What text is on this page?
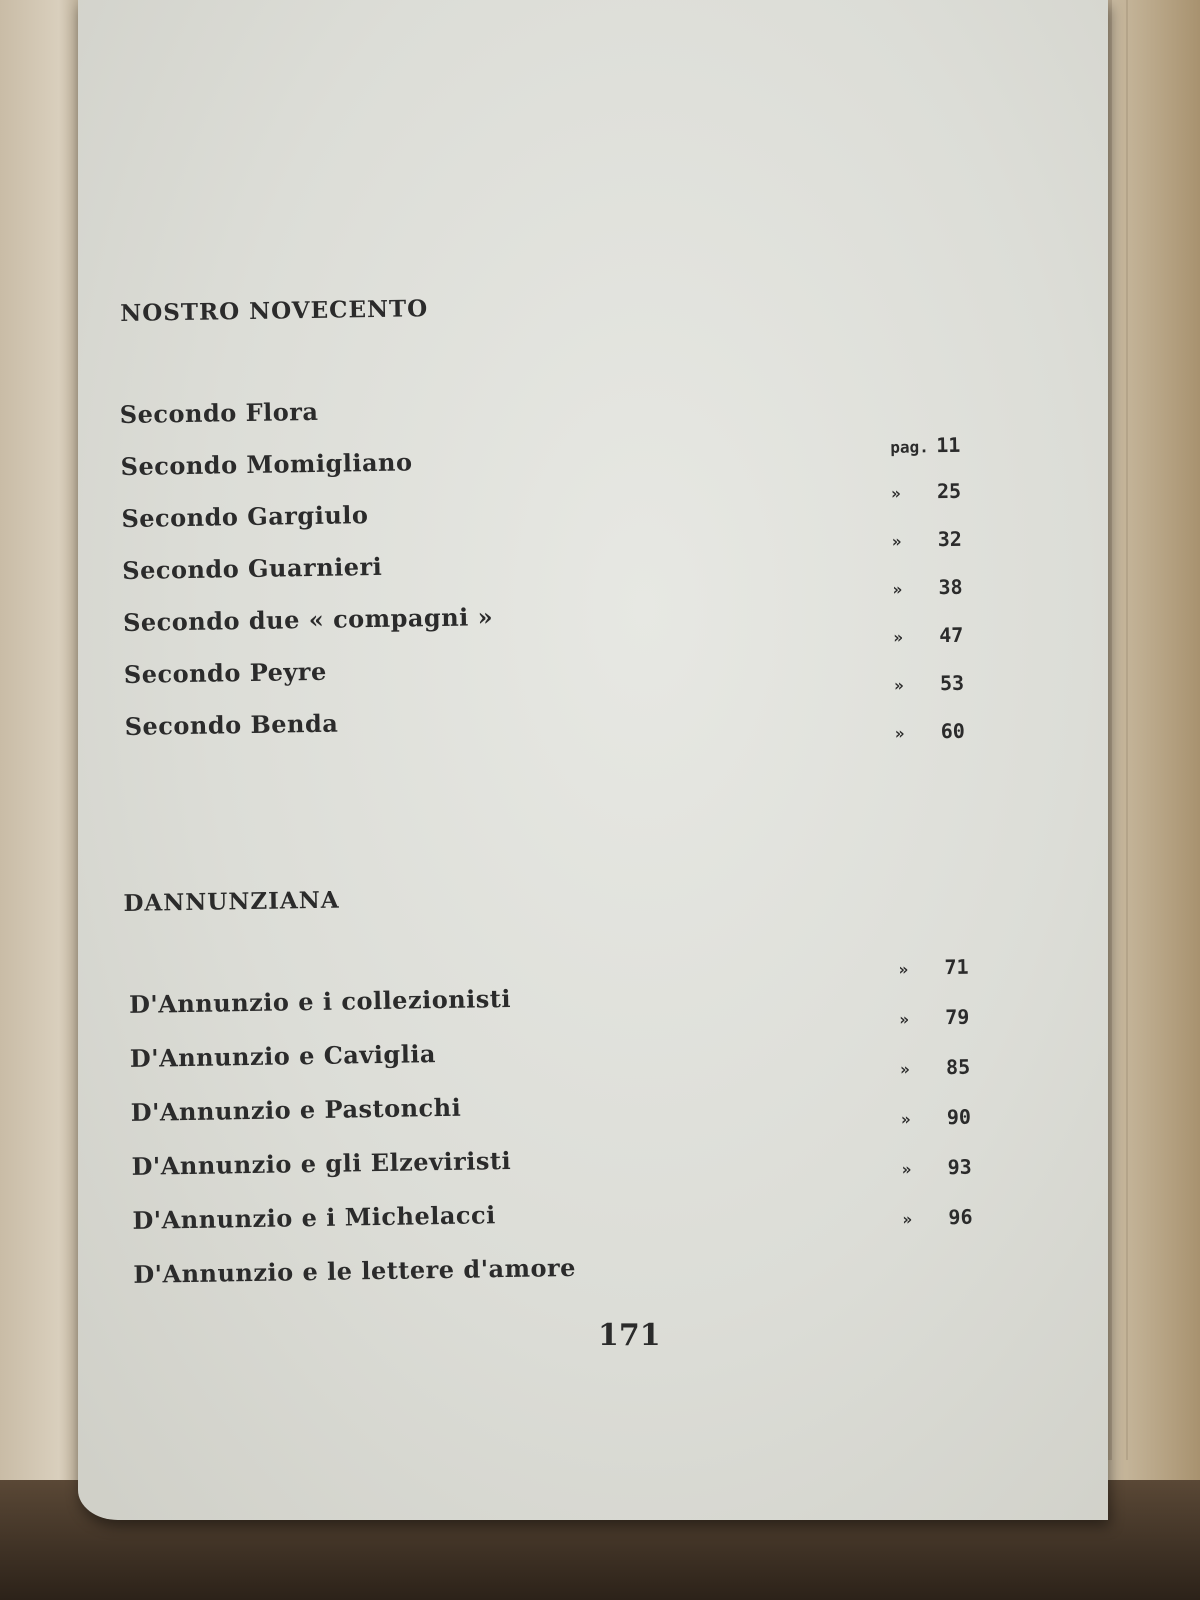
NOSTRO NOVECENTO
Secondo Flora
Secondo Momigliano
pag. 11
Secondo Gargiulo
» 25
Secondo Guarnieri
» 32
Secondo due « compagni »
» 38
Secondo Peyre
» 47
Secondo Benda
» 53
» 60
DANNUNZIANA
D'Annunzio e i collezionisti
» 71
D'Annunzio e Caviglia
» 79
D'Annunzio e Pastonchi
» 85
D'Annunzio e gli Elzeviristi
» 90
D'Annunzio e i Michelacci
» 93
D'Annunzio e le lettere d'amore
» 96
171
